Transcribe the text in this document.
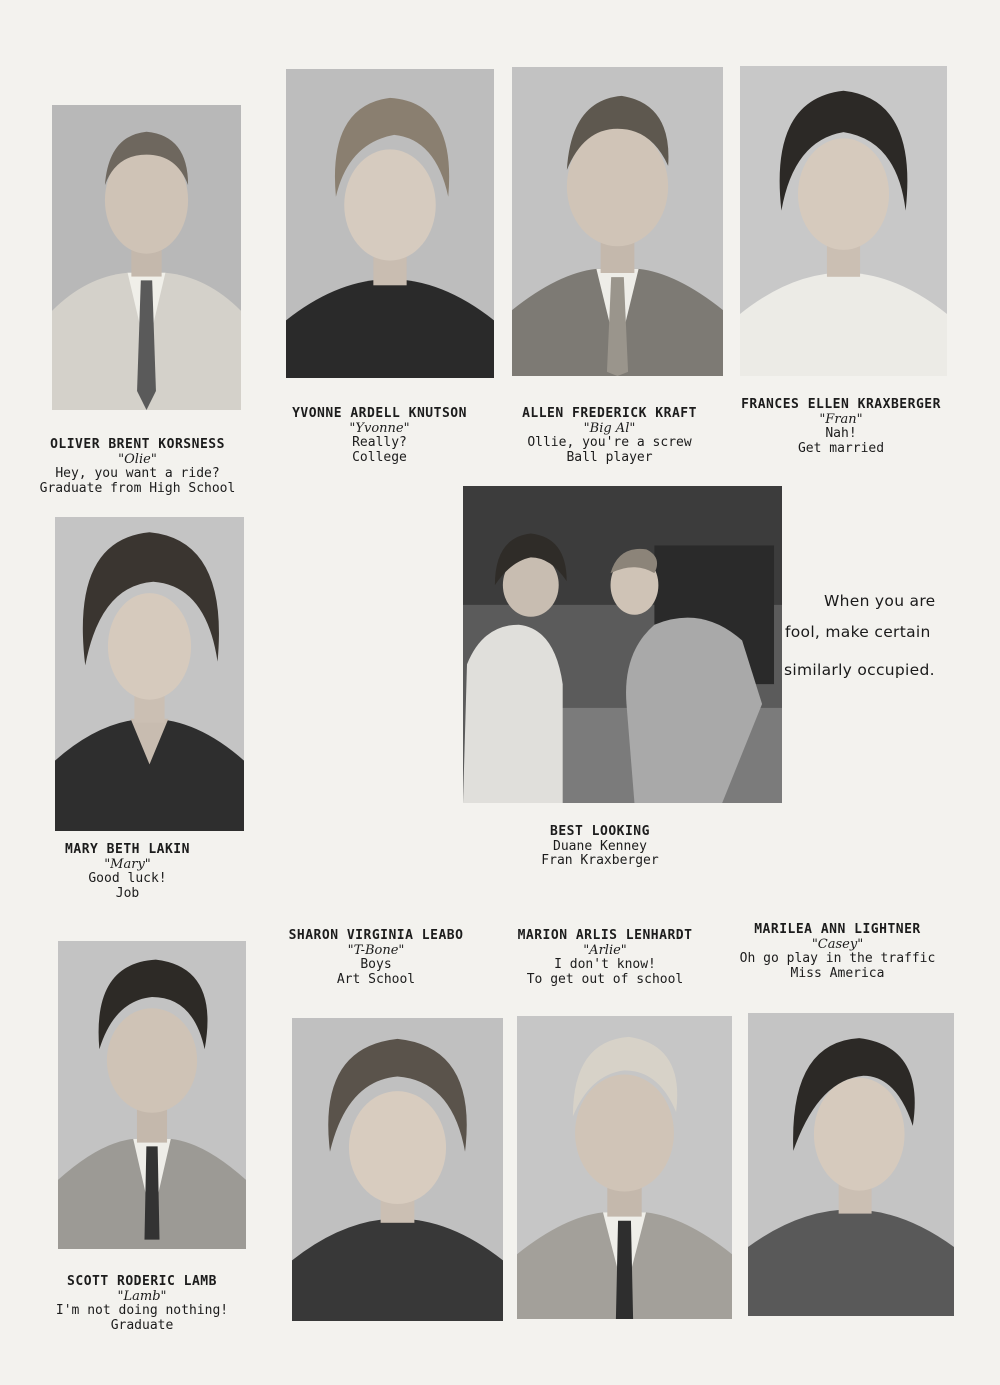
OLIVER BRENT KORSNESS
"Olie"
Hey, you want a ride?
Graduate from High School
YVONNE ARDELL KNUTSON
"Yvonne"
Really?
College
ALLEN FREDERICK KRAFT
"Big Al"
Ollie, you're a screw
Ball player
FRANCES ELLEN KRAXBERGER
"Fran"
Nah!
Get married
MARY BETH LAKIN
"Mary"
Good luck!
Job
BEST LOOKING
Duane Kenney
Fran Kraxberger
When you are
fool, make certain
similarly occupied.
SHARON VIRGINIA LEABO
"T-Bone"
Boys
Art School
MARION ARLIS LENHARDT
"Arlie"
I don't know!
To get out of school
MARILEA ANN LIGHTNER
"Casey"
Oh go play in the traffic
Miss America
SCOTT RODERIC LAMB
"Lamb"
I'm not doing nothing!
Graduate
